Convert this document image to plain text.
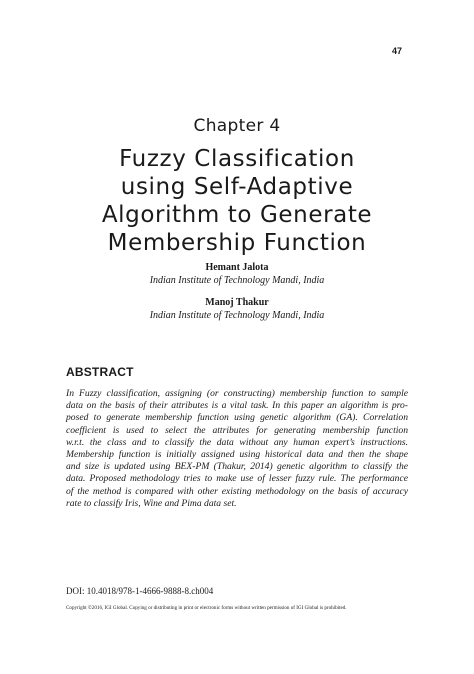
47
Chapter 4
Fuzzy Classification
using Self-Adaptive
Algorithm to Generate
Membership Function
Hemant Jalota
Indian Institute of Technology Mandi, India
Manoj Thakur
Indian Institute of Technology Mandi, India
ABSTRACT
In Fuzzy classification, assigning (or constructing) membership function to sample
data on the basis of their attributes is a vital task. In this paper an algorithm is pro-
posed to generate membership function using genetic algorithm (GA). Correlation
coefficient is used to select the attributes for generating membership function
w.r.t. the class and to classify the data without any human expert’s instructions.
Membership function is initially assigned using historical data and then the shape
and size is updated using BEX-PM (Thakur, 2014) genetic algorithm to classify the
data. Proposed methodology tries to make use of lesser fuzzy rule. The performance
of the method is compared with other existing methodology on the basis of accuracy
rate to classify Iris, Wine and Pima data set.
DOI: 10.4018/978-1-4666-9888-8.ch004
Copyright ©2016, IGI Global. Copying or distributing in print or electronic forms without written permission of IGI Global is prohibited.
